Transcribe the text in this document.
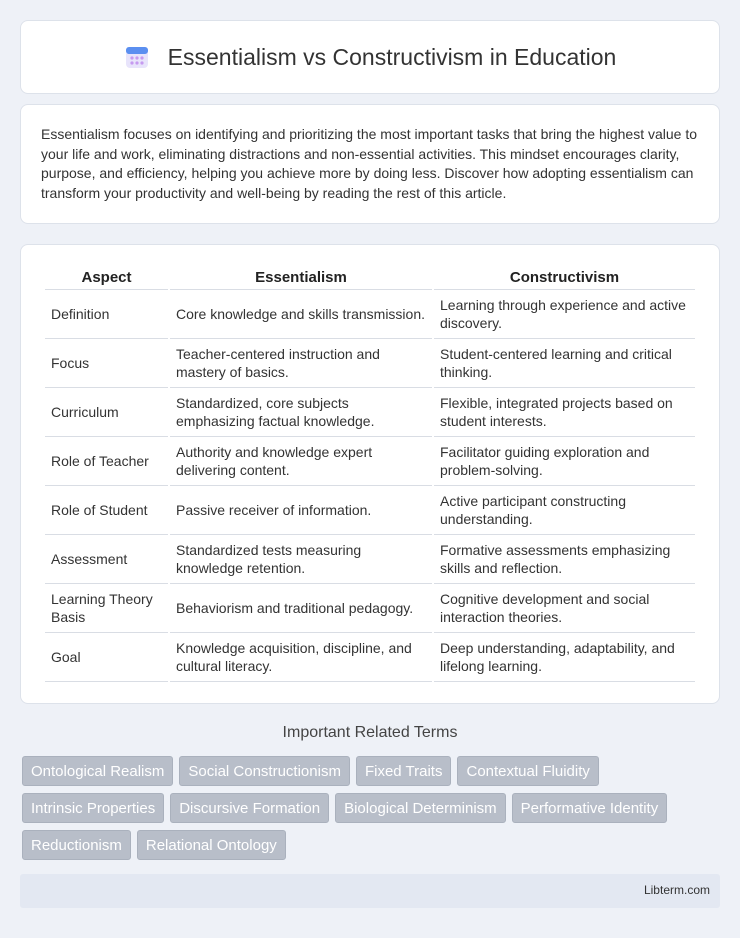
Essentialism vs Constructivism in Education

Essentialism focuses on identifying and prioritizing the most important tasks that bring the highest value to your life and work, eliminating distractions and non-essential activities. This mindset encourages clarity, purpose, and efficiency, helping you achieve more by doing less. Discover how adopting essentialism can transform your productivity and well-being by reading the rest of this article.

Aspect	Essentialism	Constructivism
Definition	Core knowledge and skills transmission.	Learning through experience and active discovery.
Focus	Teacher-centered instruction and mastery of basics.	Student-centered learning and critical thinking.
Curriculum	Standardized, core subjects emphasizing factual knowledge.	Flexible, integrated projects based on student interests.
Role of Teacher	Authority and knowledge expert delivering content.	Facilitator guiding exploration and problem-solving.
Role of Student	Passive receiver of information.	Active participant constructing understanding.
Assessment	Standardized tests measuring knowledge retention.	Formative assessments emphasizing skills and reflection.
Learning Theory Basis	Behaviorism and traditional pedagogy.	Cognitive development and social interaction theories.
Goal	Knowledge acquisition, discipline, and cultural literacy.	Deep understanding, adaptability, and lifelong learning.
Important Related Terms
Ontological Realism	Social Constructionism	Fixed Traits	Contextual Fluidity
Intrinsic Properties	Discursive Formation	Biological Determinism	Performative Identity
Reductionism	Relational Ontology
Libterm.com
